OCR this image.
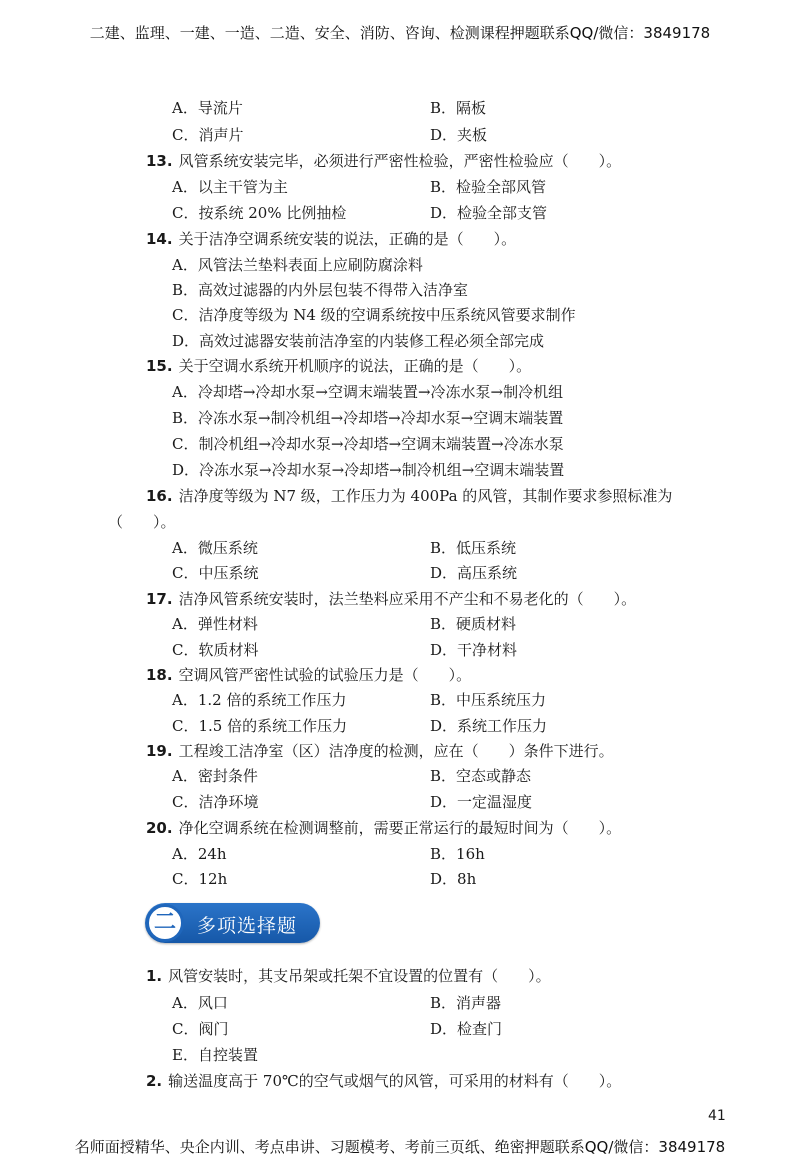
二建、监理、一建、一造、二造、安全、消防、咨询、检测课程押题联系QQ/微信：3849178
A．导流片	B．隔板
C．消声片	D．夹板
13. 风管系统安装完毕，必须进行严密性检验，严密性检验应（　　）。
A．以主干管为主	B．检验全部风管
C．按系统 20% 比例抽检	D．检验全部支管
14. 关于洁净空调系统安装的说法，正确的是（　　）。
A．风管法兰垫料表面上应刷防腐涂料
B．高效过滤器的内外层包装不得带入洁净室
C．洁净度等级为 N4 级的空调系统按中压系统风管要求制作
D．高效过滤器安装前洁净室的内装修工程必须全部完成
15. 关于空调水系统开机顺序的说法，正确的是（　　）。
A．冷却塔→冷却水泵→空调末端装置→冷冻水泵→制冷机组
B．冷冻水泵→制冷机组→冷却塔→冷却水泵→空调末端装置
C．制冷机组→冷却水泵→冷却塔→空调末端装置→冷冻水泵
D．冷冻水泵→冷却水泵→冷却塔→制冷机组→空调末端装置
16. 洁净度等级为 N7 级，工作压力为 400Pa 的风管，其制作要求参照标准为
（　　）。
A．微压系统	B．低压系统
C．中压系统	D．高压系统
17. 洁净风管系统安装时，法兰垫料应采用不产尘和不易老化的（　　）。
A．弹性材料	B．硬质材料
C．软质材料	D．干净材料
18. 空调风管严密性试验的试验压力是（　　）。
A．1.2 倍的系统工作压力	B．中压系统压力
C．1.5 倍的系统工作压力	D．系统工作压力
19. 工程竣工洁净室（区）洁净度的检测，应在（　　）条件下进行。
A．密封条件	B．空态或静态
C．洁净环境	D．一定温湿度
20. 净化空调系统在检测调整前，需要正常运行的最短时间为（　　）。
A．24h	B．16h
C．12h	D．8h
二	多项选择题
1. 风管安装时，其支吊架或托架不宜设置的位置有（　　）。
A．风口	B．消声器
C．阀门	D．检查门
E．自控装置
2. 输送温度高于 70℃的空气或烟气的风管，可采用的材料有（　　）。
41
名师面授精华、央企内训、考点串讲、习题模考、考前三页纸、绝密押题联系QQ/微信：3849178
